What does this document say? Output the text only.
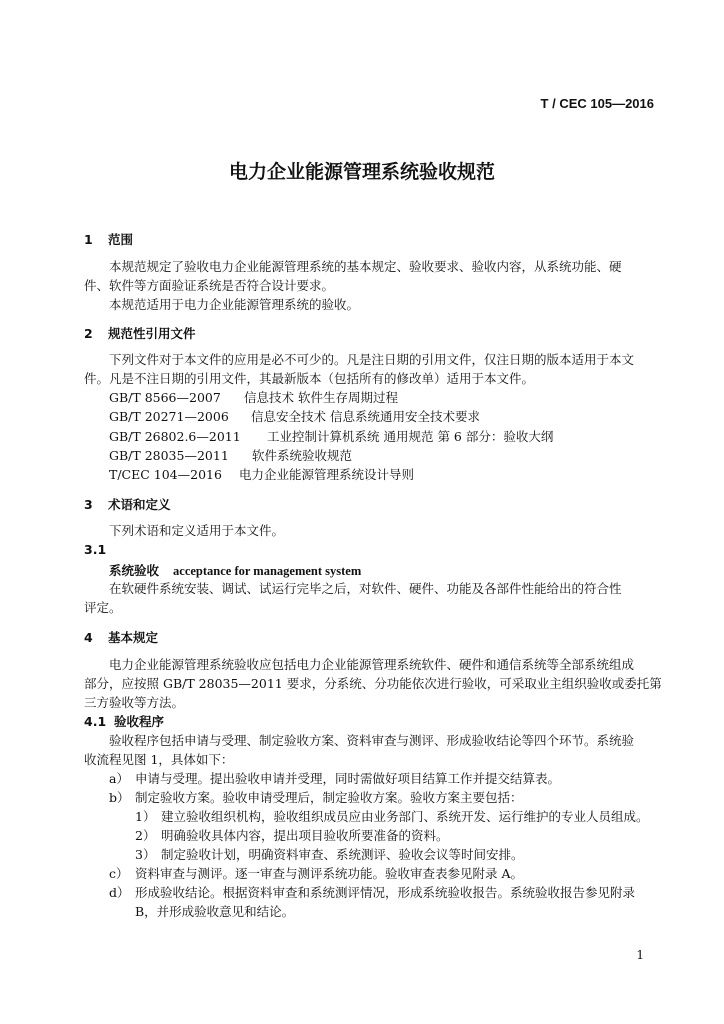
T / CEC 105—2016
电力企业能源管理系统验收规范
1 范围
本规范规定了验收电力企业能源管理系统的基本规定、验收要求、验收内容，从系统功能、硬
件、软件等方面验证系统是否符合设计要求。
本规范适用于电力企业能源管理系统的验收。
2 规范性引用文件
下列文件对于本文件的应用是必不可少的。凡是注日期的引用文件，仅注日期的版本适用于本文
件。凡是不注日期的引用文件，其最新版本（包括所有的修改单）适用于本文件。
GB/T 8566—2007 信息技术 软件生存周期过程
GB/T 20271—2006 信息安全技术 信息系统通用安全技术要求
GB/T 26802.6—2011 工业控制计算机系统 通用规范 第 6 部分：验收大纲
GB/T 28035—2011 软件系统验收规范
T/CEC 104—2016 电力企业能源管理系统设计导则
3 术语和定义
下列术语和定义适用于本文件。
3.1
系统验收 acceptance for management system
在软硬件系统安装、调试、试运行完毕之后，对软件、硬件、功能及各部件性能给出的符合性
评定。
4 基本规定
电力企业能源管理系统验收应包括电力企业能源管理系统软件、硬件和通信系统等全部系统组成
部分，应按照 GB/T 28035—2011 要求，分系统、分功能依次进行验收，可采取业主组织验收或委托第
三方验收等方法。
4.1 验收程序
验收程序包括申请与受理、制定验收方案、资料审查与测评、形成验收结论等四个环节。系统验
收流程见图 1，具体如下：
a） 申请与受理。提出验收申请并受理，同时需做好项目结算工作并提交结算表。
b） 制定验收方案。验收申请受理后，制定验收方案。验收方案主要包括：
1） 建立验收组织机构，验收组织成员应由业务部门、系统开发、运行维护的专业人员组成。
2） 明确验收具体内容，提出项目验收所要准备的资料。
3） 制定验收计划，明确资料审查、系统测评、验收会议等时间安排。
c） 资料审查与测评。逐一审查与测评系统功能。验收审查表参见附录 A。
d） 形成验收结论。根据资料审查和系统测评情况，形成系统验收报告。系统验收报告参见附录
B，并形成验收意见和结论。
1
